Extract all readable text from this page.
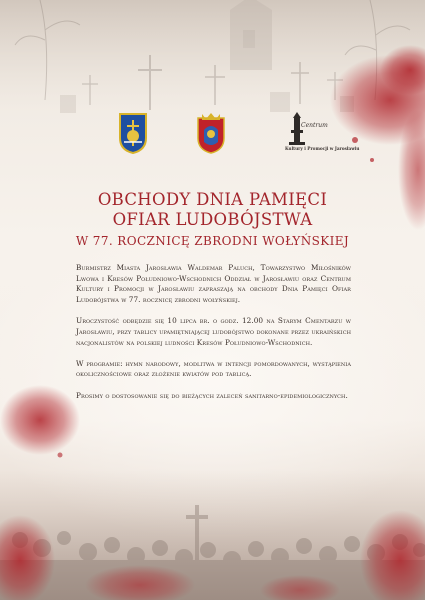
Centrum
Kultury i Promocji w Jarosławiu
OBCHODY DNIA PAMIĘCI
OFIAR LUDOBÓJSTWA
W 77. ROCZNICĘ ZBRODNI WOŁYŃSKIEJ

Burmistrz Miasta Jarosławia Waldemar Paluch, Towarzystwo Miłośników Lwowa i Kresów Południowo-Wschodnich Oddział w Jarosławiu oraz Centrum Kultury i Promocji w Jarosławiu zapraszają na obchody Dnia Pamięci Ofiar Ludobójstwa w 77. rocznicę zbrodni wołyńskiej.

Uroczystość odbędzie się 10 lipca br. o godz. 12.00 na Starym Cmentarzu w Jarosławiu, przy tablicy upamiętniającej ludobójstwo dokonane przez ukraińskich nacjonalistów na polskiej ludności Kresów Południowo-Wschodnich.

W programie: hymn narodowy, modlitwa w intencji pomordowanych, wystąpienia okolicznościowe oraz złożenie kwiatów pod tablicą.

Prosimy o dostosowanie się do bieżących zaleceń sanitarno-epidemiologicznych.
